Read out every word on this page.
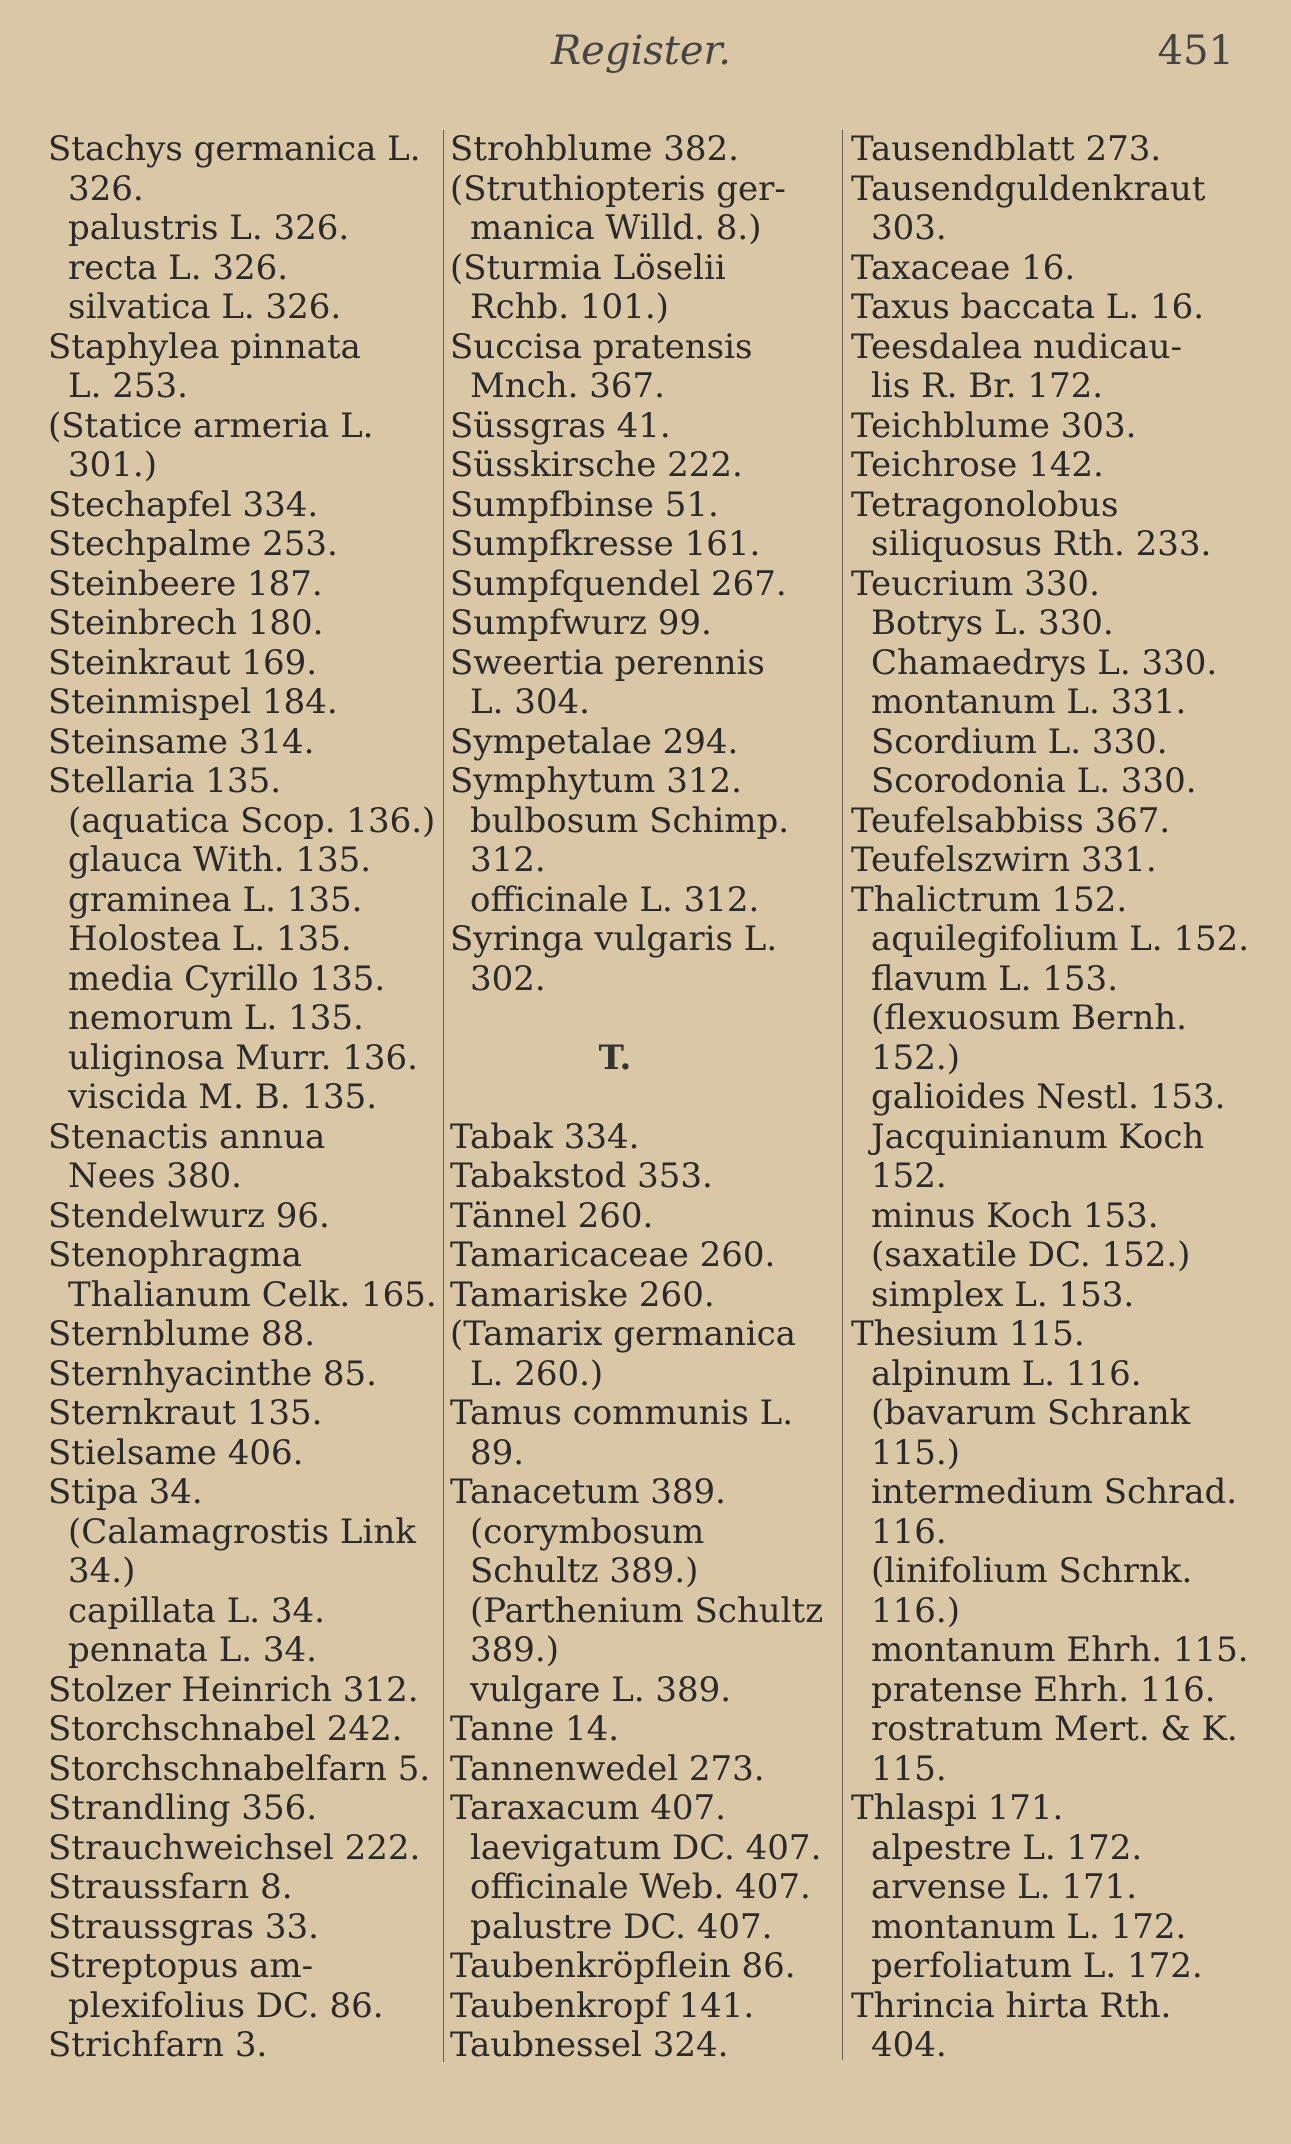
Register.	451
Stachys germanica L.
326.
palustris L. 326.
recta L. 326.
silvatica L. 326.
Staphylea pinnata
L. 253.
(Statice armeria L.
301.)
Stechapfel 334.
Stechpalme 253.
Steinbeere 187.
Steinbrech 180.
Steinkraut 169.
Steinmispel 184.
Steinsame 314.
Stellaria 135.
(aquatica Scop. 136.)
glauca With. 135.
graminea L. 135.
Holostea L. 135.
media Cyrillo 135.
nemorum L. 135.
uliginosa Murr. 136.
viscida M. B. 135.
Stenactis annua
Nees 380.
Stendelwurz 96.
Stenophragma
Thalianum Celk. 165.
Sternblume 88.
Sternhyacinthe 85.
Sternkraut 135.
Stielsame 406.
Stipa 34.
(Calamagrostis Link
34.)
capillata L. 34.
pennata L. 34.
Stolzer Heinrich 312.
Storchschnabel 242.
Storchschnabelfarn 5.
Strandling 356.
Strauchweichsel 222.
Straussfarn 8.
Straussgras 33.
Streptopus am-
plexifolius DC. 86.
Strichfarn 3.
Strohblume 382.
(Struthiopteris ger-
manica Willd. 8.)
(Sturmia Löselii
Rchb. 101.)
Succisa pratensis
Mnch. 367.
Süssgras 41.
Süsskirsche 222.
Sumpfbinse 51.
Sumpfkresse 161.
Sumpfquendel 267.
Sumpfwurz 99.
Sweertia perennis
L. 304.
Sympetalae 294.
Symphytum 312.
bulbosum Schimp.
312.
officinale L. 312.
Syringa vulgaris L.
302.
T.
Tabak 334.
Tabakstod 353.
Tännel 260.
Tamaricaceae 260.
Tamariske 260.
(Tamarix germanica
L. 260.)
Tamus communis L.
89.
Tanacetum 389.
(corymbosum
Schultz 389.)
(Parthenium Schultz
389.)
vulgare L. 389.
Tanne 14.
Tannenwedel 273.
Taraxacum 407.
laevigatum DC. 407.
officinale Web. 407.
palustre DC. 407.
Taubenkröpflein 86.
Taubenkropf 141.
Taubnessel 324.
Tausendblatt 273.
Tausendguldenkraut
303.
Taxaceae 16.
Taxus baccata L. 16.
Teesdalea nudicau-
lis R. Br. 172.
Teichblume 303.
Teichrose 142.
Tetragonolobus
siliquosus Rth. 233.
Teucrium 330.
Botrys L. 330.
Chamaedrys L. 330.
montanum L. 331.
Scordium L. 330.
Scorodonia L. 330.
Teufelsabbiss 367.
Teufelszwirn 331.
Thalictrum 152.
aquilegifolium L. 152.
flavum L. 153.
(flexuosum Bernh.
152.)
galioides Nestl. 153.
Jacquinianum Koch
152.
minus Koch 153.
(saxatile DC. 152.)
simplex L. 153.
Thesium 115.
alpinum L. 116.
(bavarum Schrank
115.)
intermedium Schrad.
116.
(linifolium Schrnk.
116.)
montanum Ehrh. 115.
pratense Ehrh. 116.
rostratum Mert. & K.
115.
Thlaspi 171.
alpestre L. 172.
arvense L. 171.
montanum L. 172.
perfoliatum L. 172.
Thrincia hirta Rth.
404.
